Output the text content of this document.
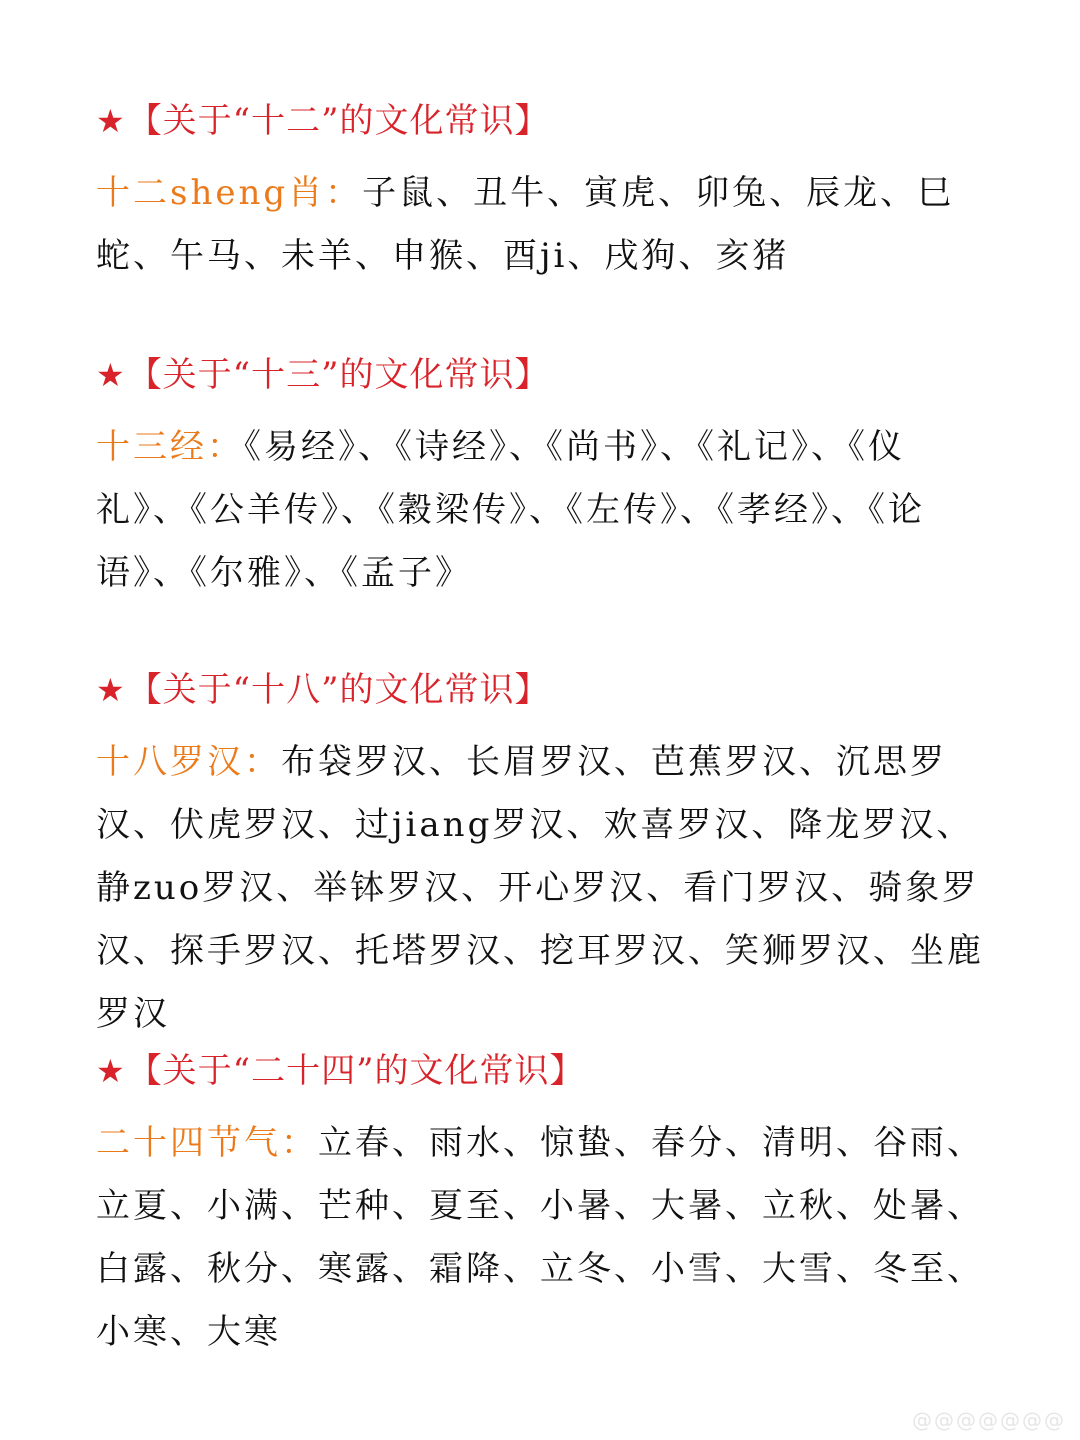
★【关于“十二”的文化常识】
十二sheng肖：子鼠、丑牛、寅虎、卯兔、辰龙、巳蛇、午马、未羊、申猴、酉ji、戌狗、亥猪
★【关于“十三”的文化常识】
十三经：《易经》、《诗经》、《尚书》、《礼记》、《仪礼》、《公羊传》、《穀梁传》、《左传》、《孝经》、《论语》、《尔雅》、《孟子》
★【关于“十八”的文化常识】
十八罗汉：布袋罗汉、长眉罗汉、芭蕉罗汉、沉思罗汉、伏虎罗汉、过jiang罗汉、欢喜罗汉、降龙罗汉、静zuo罗汉、举钵罗汉、开心罗汉、看门罗汉、骑象罗汉、探手罗汉、托塔罗汉、挖耳罗汉、笑狮罗汉、坐鹿罗汉
★【关于“二十四”的文化常识】
二十四节气：立春、雨水、惊蛰、春分、清明、谷雨、立夏、小满、芒种、夏至、小暑、大暑、立秋、处暑、白露、秋分、寒露、霜降、立冬、小雪、大雪、冬至、小寒、大寒
@@@@@@@
